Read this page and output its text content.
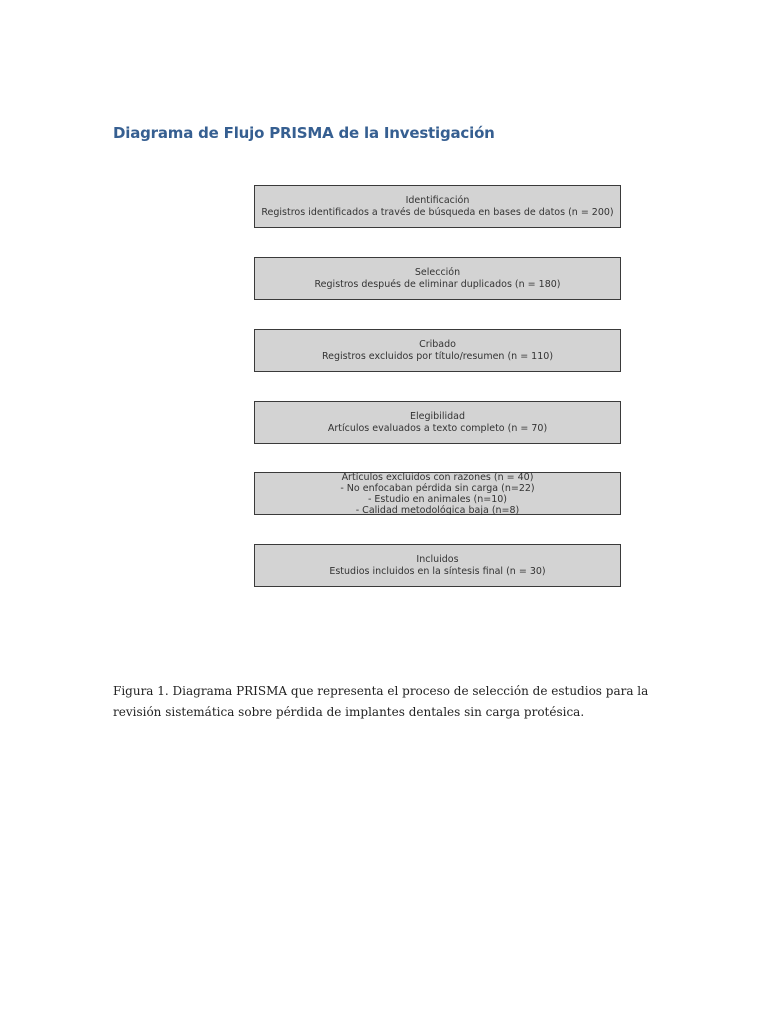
Diagrama de Flujo PRISMA de la Investigación
Identificación
Registros identificados a través de búsqueda en bases de datos (n = 200)
Selección
Registros después de eliminar duplicados (n = 180)
Cribado
Registros excluidos por título/resumen (n = 110)
Elegibilidad
Artículos evaluados a texto completo (n = 70)
Artículos excluidos con razones (n = 40)
- No enfocaban pérdida sin carga (n=22)
- Estudio en animales (n=10)
- Calidad metodológica baja (n=8)
Incluidos
Estudios incluidos en la síntesis final (n = 30)

Figura 1. Diagrama PRISMA que representa el proceso de selección de estudios para la revisión sistemática sobre pérdida de implantes dentales sin carga protésica.
